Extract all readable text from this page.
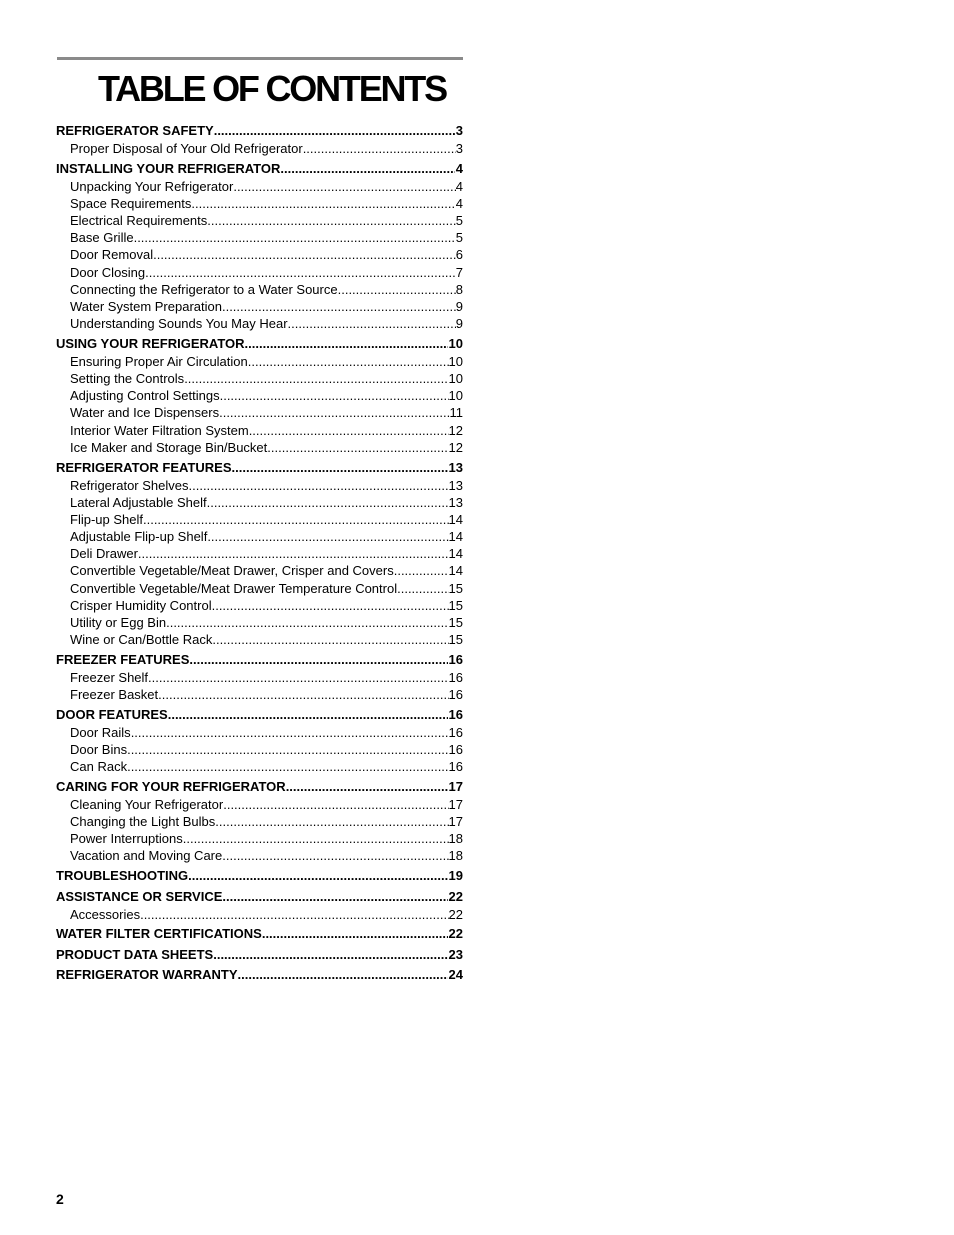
TABLE OF CONTENTS
REFRIGERATOR SAFETY .....	3
Proper Disposal of Your Old Refrigerator .....	3
INSTALLING YOUR REFRIGERATOR .....	4
Unpacking Your Refrigerator .....	4
Space Requirements .....	4
Electrical Requirements .....	5
Base Grille .....	5
Door Removal .....	6
Door Closing .....	7
Connecting the Refrigerator to a Water Source .....	8
Water System Preparation .....	9
Understanding Sounds You May Hear .....	9
USING YOUR REFRIGERATOR .....	10
Ensuring Proper Air Circulation .....	10
Setting the Controls .....	10
Adjusting Control Settings .....	10
Water and Ice Dispensers .....	11
Interior Water Filtration System .....	12
Ice Maker and Storage Bin/Bucket .....	12
REFRIGERATOR FEATURES .....	13
Refrigerator Shelves .....	13
Lateral Adjustable Shelf .....	13
Flip-up Shelf .....	14
Adjustable Flip-up Shelf .....	14
Deli Drawer .....	14
Convertible Vegetable/Meat Drawer, Crisper and Covers .....	14
Convertible Vegetable/Meat Drawer Temperature Control .....	15
Crisper Humidity Control .....	15
Utility or Egg Bin .....	15
Wine or Can/Bottle Rack .....	15
FREEZER FEATURES .....	16
Freezer Shelf .....	16
Freezer Basket .....	16
DOOR FEATURES .....	16
Door Rails .....	16
Door Bins .....	16
Can Rack .....	16
CARING FOR YOUR REFRIGERATOR .....	17
Cleaning Your Refrigerator .....	17
Changing the Light Bulbs .....	17
Power Interruptions .....	18
Vacation and Moving Care .....	18
TROUBLESHOOTING .....	19
ASSISTANCE OR SERVICE .....	22
Accessories .....	22
WATER FILTER CERTIFICATIONS .....	22
PRODUCT DATA SHEETS .....	23
REFRIGERATOR WARRANTY .....	24
2
